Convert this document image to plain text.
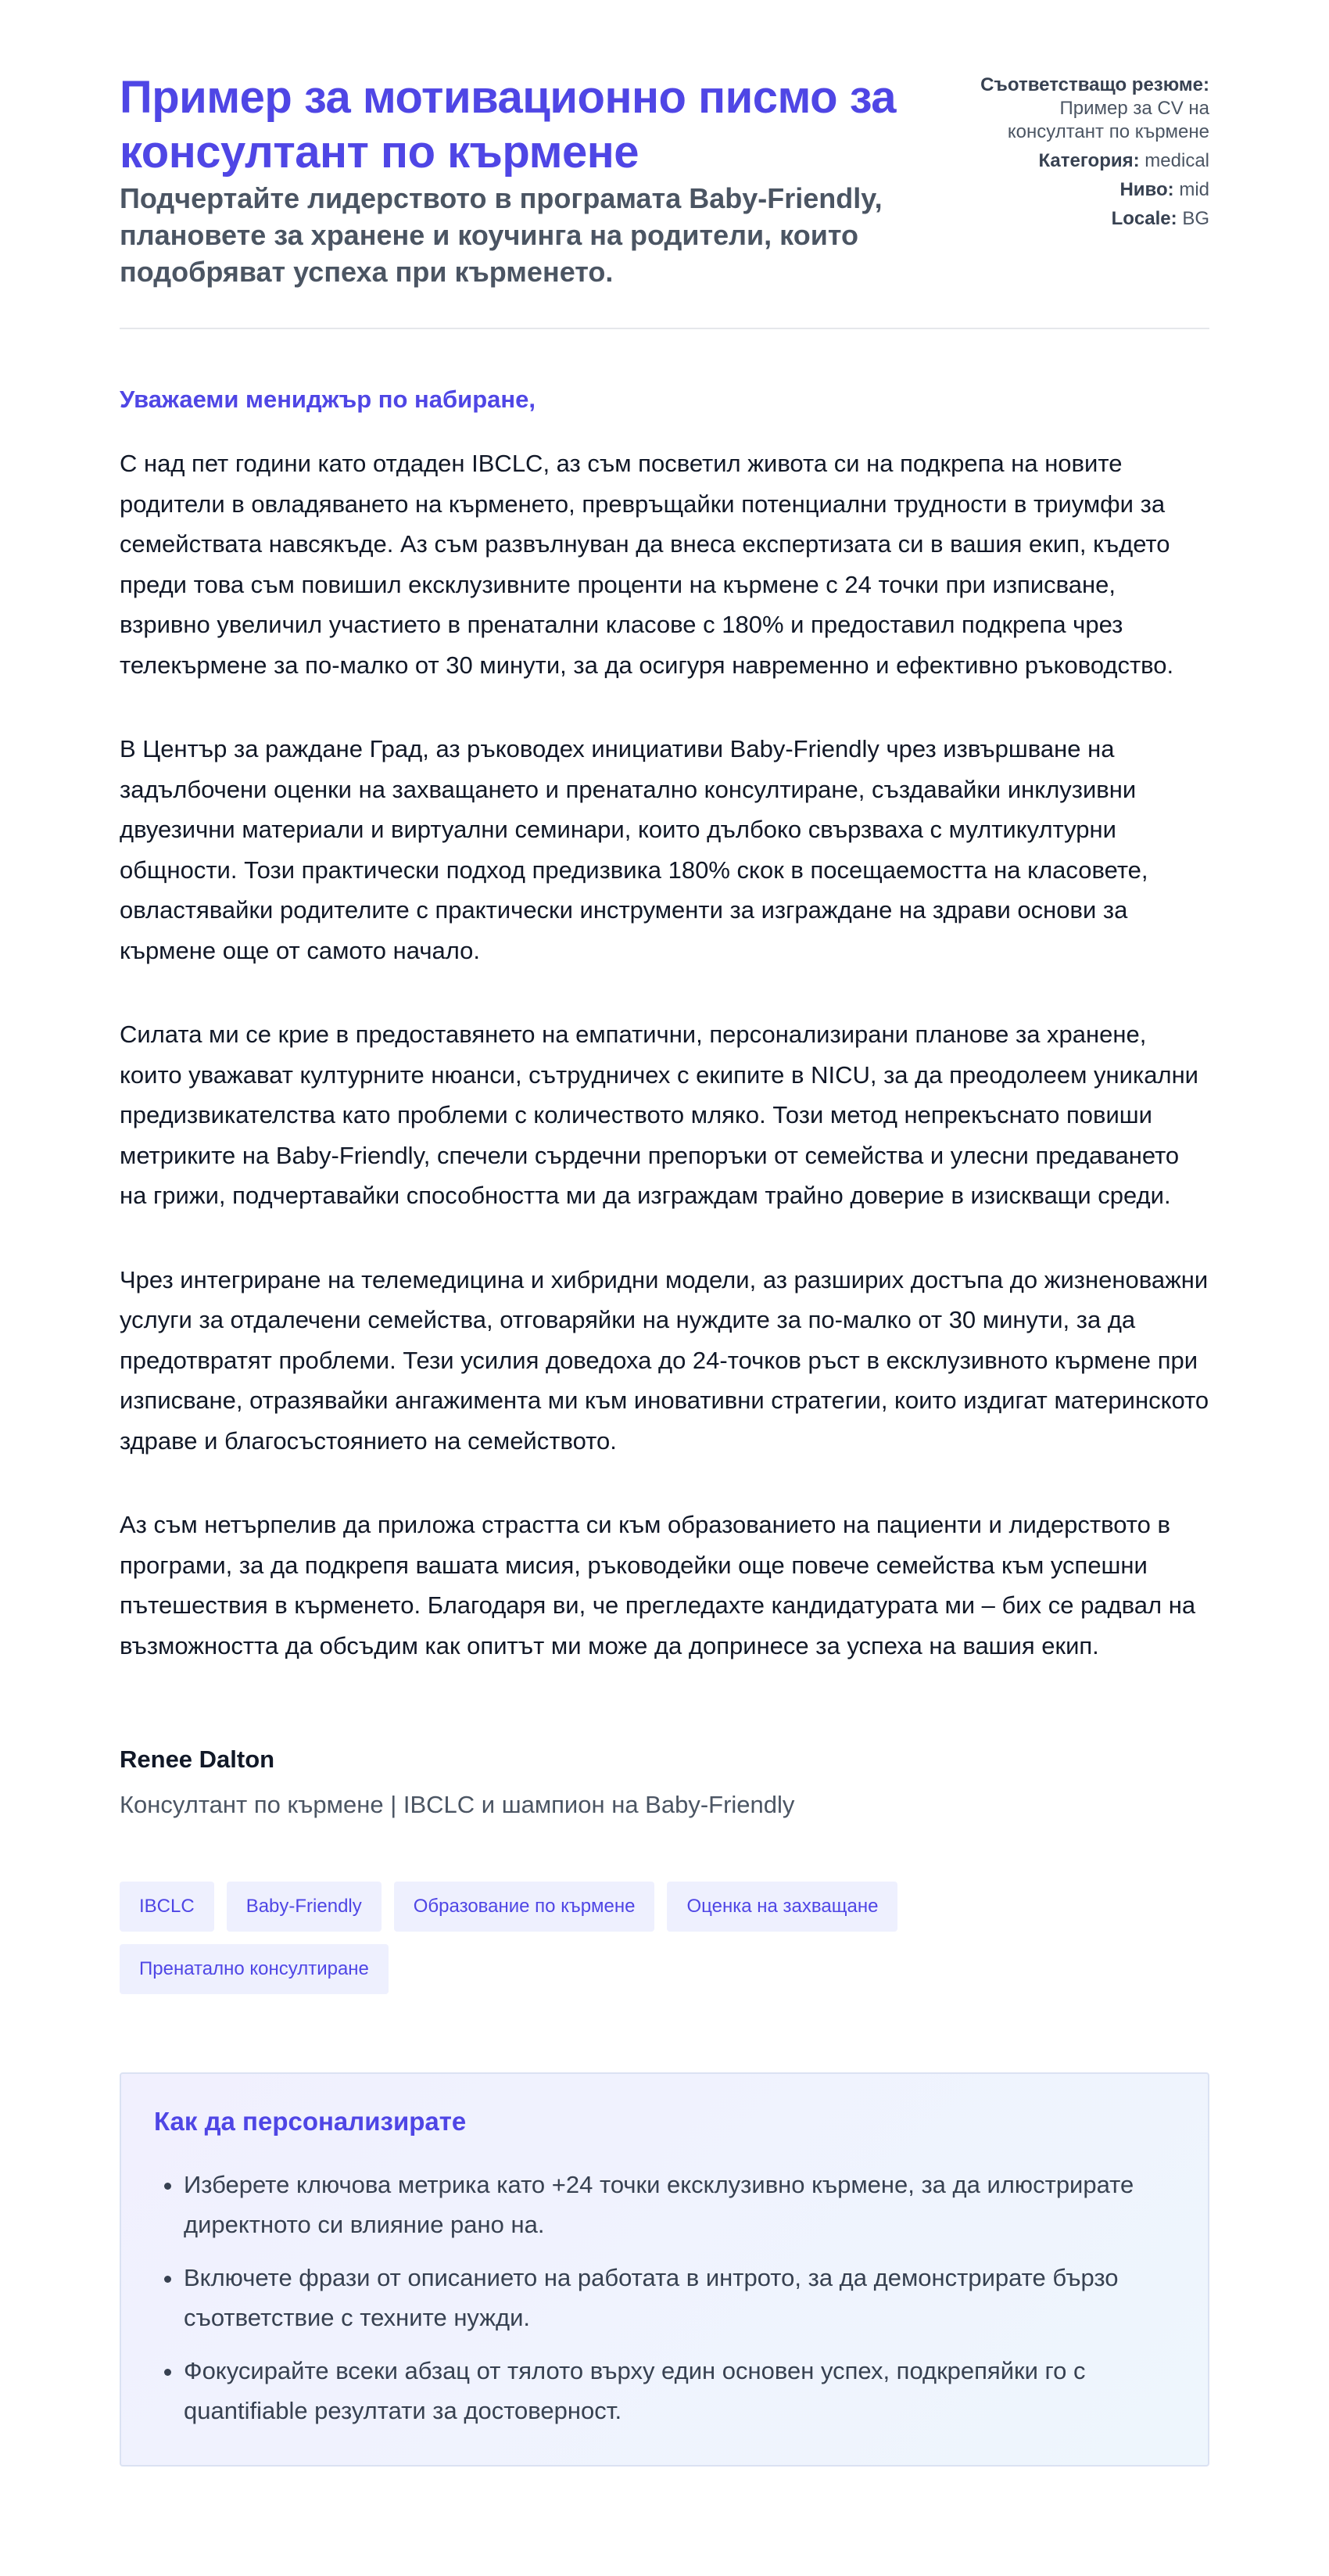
Пример за мотивационно писмо за консултант по кърмене

Подчертайте лидерството в програмата Baby-Friendly, плановете за хранене и коучинга на родители, които подобряват успеха при кърменето.

Съответстващо резюме:
Пример за CV на
консултант по кърмене
Категория: medical
Ниво: mid
Locale: BG

Уважаеми мениджър по набиране,

С над пет години като отдаден IBCLC, аз съм посветил живота си на подкрепа на новите родители в овладяването на кърменето, превръщайки потенциални трудности в триумфи за семействата навсякъде. Аз съм развълнуван да внеса експертизата си в вашия екип, където преди това съм повишил ексклузивните проценти на кърмене с 24 точки при изписване, взривно увеличил участието в пренатални класове с 180% и предоставил подкрепа чрез телекърмене за по-малко от 30 минути, за да осигуря навременно и ефективно ръководство.

В Център за раждане Град, аз ръководех инициативи Baby-Friendly чрез извършване на задълбочени оценки на захващането и пренатално консултиране, създавайки инклузивни двуезични материали и виртуални семинари, които дълбоко свързваха с мултикултурни общности. Този практически подход предизвика 180% скок в посещаемостта на класовете, овластявайки родителите с практически инструменти за изграждане на здрави основи за кърмене още от самото начало.

Силата ми се крие в предоставянето на емпатични, персонализирани планове за хранене, които уважават културните нюанси, сътрудничех с екипите в NICU, за да преодолеем уникални предизвикателства като проблеми с количеството мляко. Този метод непрекъснато повиши метриките на Baby-Friendly, спечели сърдечни препоръки от семейства и улесни предаването на грижи, подчертавайки способността ми да изграждам трайно доверие в изискващи среди.

Чрез интегриране на телемедицина и хибридни модели, аз разширих достъпа до жизненоважни услуги за отдалечени семейства, отговаряйки на нуждите за по-малко от 30 минути, за да предотвратят проблеми. Тези усилия доведоха до 24-точков ръст в ексклузивното кърмене при изписване, отразявайки ангажимента ми към иновативни стратегии, които издигат материнското здраве и благосъстоянието на семейството.

Аз съм нетърпелив да приложа страстта си към образованието на пациенти и лидерството в програми, за да подкрепя вашата мисия, ръководейки още повече семейства към успешни пътешествия в кърменето. Благодаря ви, че прегледахте кандидатурата ми – бих се радвал на възможността да обсъдим как опитът ми може да допринесе за успеха на вашия екип.

Renee Dalton

Консултант по кърмене | IBCLC и шампион на Baby-Friendly

IBCLC	Baby-Friendly	Образование по кърмене	Оценка на захващане
Пренатално консултиране
Как да персонализирате
• Изберете ключова метрика като +24 точки ексклузивно кърмене, за да илюстрирате директното си влияние рано на.
• Включете фрази от описанието на работата в интрото, за да демонстрирате бързо съответствие с техните нужди.
• Фокусирайте всеки абзац от тялото върху един основен успех, подкрепяйки го с quantifiable резултати за достоверност.
